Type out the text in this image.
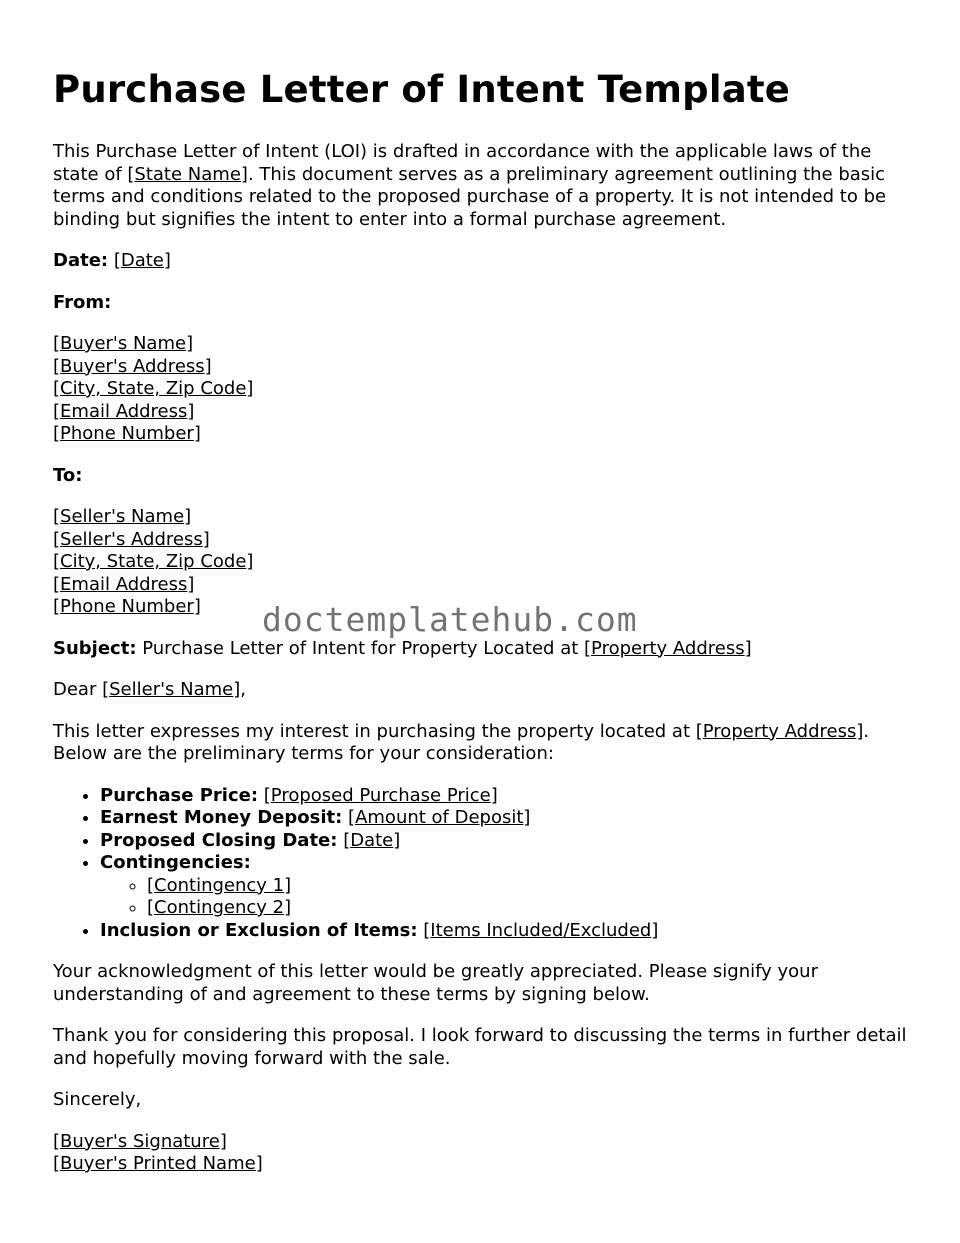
Purchase Letter of Intent Template

This Purchase Letter of Intent (LOI) is drafted in accordance with the applicable laws of the state of [State Name]. This document serves as a preliminary agreement outlining the basic terms and conditions related to the proposed purchase of a property. It is not intended to be binding but signifies the intent to enter into a formal purchase agreement.

Date: [Date]

From:

[Buyer's Name]
[Buyer's Address]
[City, State, Zip Code]
[Email Address]
[Phone Number]

To:

[Seller's Name]
[Seller's Address]
[City, State, Zip Code]
[Email Address]
[Phone Number]

Subject: Purchase Letter of Intent for Property Located at [Property Address]

Dear [Seller's Name],

This letter expresses my interest in purchasing the property located at [Property Address]. Below are the preliminary terms for your consideration:

• Purchase Price: [Proposed Purchase Price]
• Earnest Money Deposit: [Amount of Deposit]
• Proposed Closing Date: [Date]
• Contingencies:
◦ [Contingency 1]
◦ [Contingency 2]
• Inclusion or Exclusion of Items: [Items Included/Excluded]

Your acknowledgment of this letter would be greatly appreciated. Please signify your understanding of and agreement to these terms by signing below.

Thank you for considering this proposal. I look forward to discussing the terms in further detail and hopefully moving forward with the sale.

Sincerely,

[Buyer's Signature]
[Buyer's Printed Name]

doctemplatehub.com
